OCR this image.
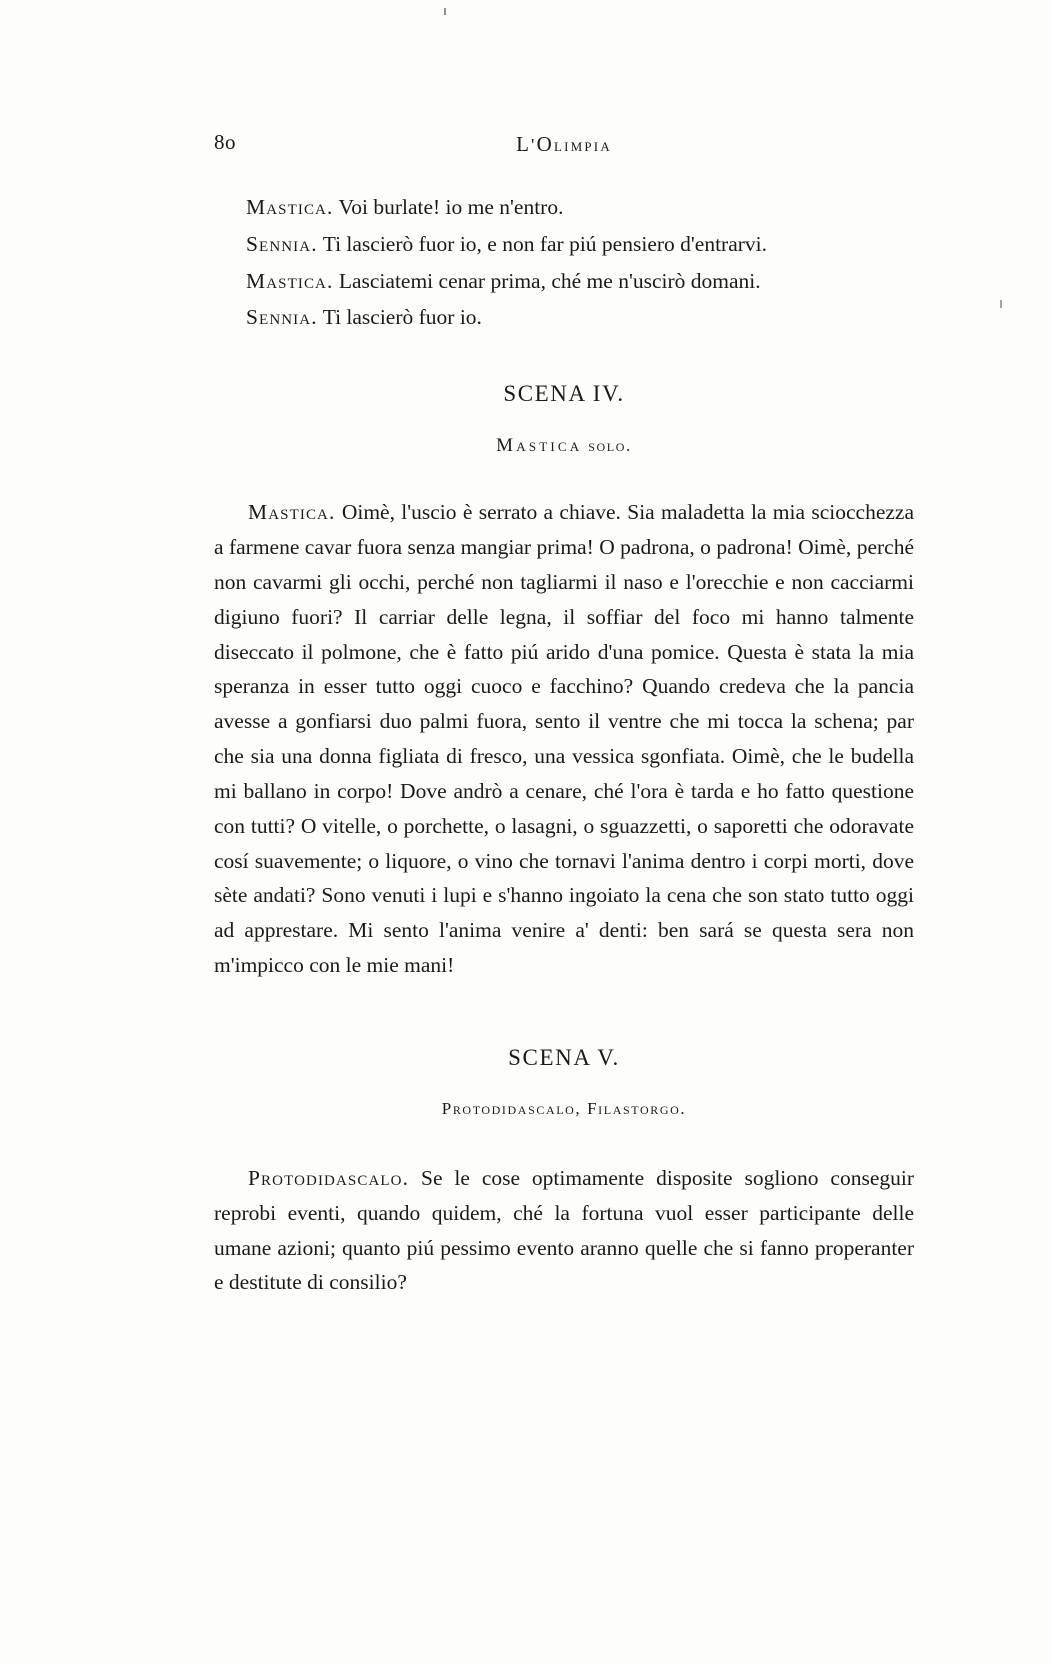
8o	L'Olimpia

Mastica. Voi burlate! io me n'entro.

Sennia. Ti lascierò fuor io, e non far piú pensiero d'entrarvi.

Mastica. Lasciatemi cenar prima, ché me n'uscirò domani.

Sennia. Ti lascierò fuor io.

SCENA IV.
Mastica solo.

Mastica. Oimè, l'uscio è serrato a chiave. Sia maladetta la mia sciocchezza a farmene cavar fuora senza mangiar prima! O padrona, o padrona! Oimè, perché non cavarmi gli occhi, perché non tagliarmi il naso e l'orecchie e non cacciarmi digiuno fuori? Il carriar delle legna, il soffiar del foco mi hanno talmente diseccato il polmone, che è fatto piú arido d'una pomice. Questa è stata la mia speranza in esser tutto oggi cuoco e facchino? Quando credeva che la pancia avesse a gonfiarsi duo palmi fuora, sento il ventre che mi tocca la schena; par che sia una donna figliata di fresco, una vessica sgonfiata. Oimè, che le budella mi ballano in corpo! Dove andrò a cenare, ché l'ora è tarda e ho fatto questione con tutti? O vitelle, o porchette, o lasagni, o sguazzetti, o saporetti che odoravate cosí suavemente; o liquore, o vino che tornavi l'anima dentro i corpi morti, dove sète andati? Sono venuti i lupi e s'hanno ingoiato la cena che son stato tutto oggi ad apprestare. Mi sento l'anima venire a' denti: ben sará se questa sera non m'impicco con le mie mani!

SCENA V.
Protodidascalo, Filastorgo.

Protodidascalo. Se le cose optimamente disposite sogliono conseguir reprobi eventi, quando quidem, ché la fortuna vuol esser participante delle umane azioni; quanto piú pessimo evento aranno quelle che si fanno properanter e destitute di consilio?
